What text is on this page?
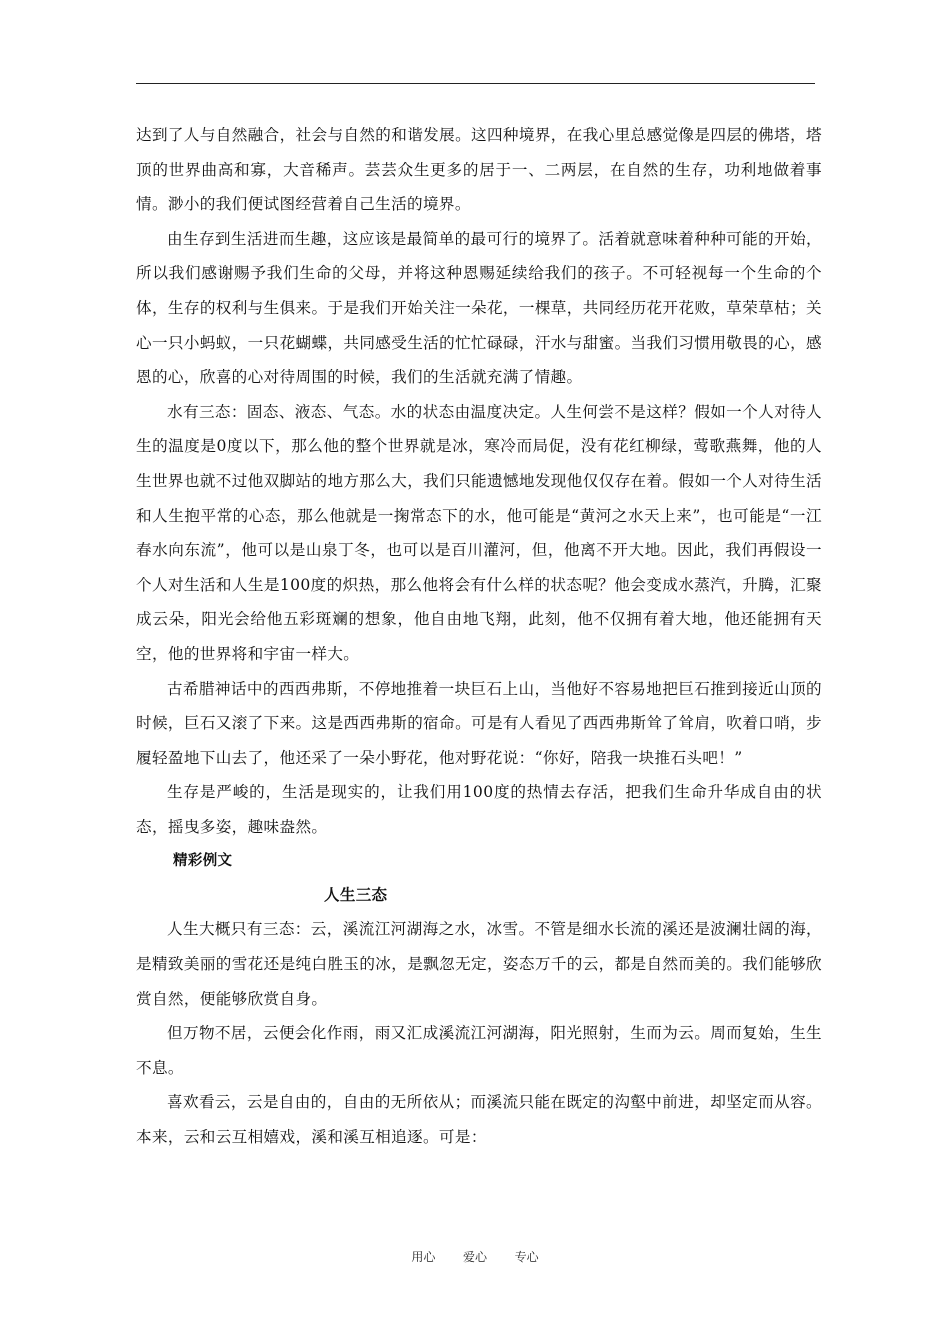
达到了人与自然融合，社会与自然的和谐发展。这四种境界，在我心里总感觉像是四层的佛塔，塔顶的世界曲高和寡，大音稀声。芸芸众生更多的居于一、二两层，在自然的生存，功利地做着事情。渺小的我们便试图经营着自己生活的境界。

由生存到生活进而生趣，这应该是最简单的最可行的境界了。活着就意味着种种可能的开始，所以我们感谢赐予我们生命的父母，并将这种恩赐延续给我们的孩子。不可轻视每一个生命的个体，生存的权利与生俱来。于是我们开始关注一朵花，一棵草，共同经历花开花败，草荣草枯；关心一只小蚂蚁，一只花蝴蝶，共同感受生活的忙忙碌碌，汗水与甜蜜。当我们习惯用敬畏的心，感恩的心，欣喜的心对待周围的时候，我们的生活就充满了情趣。

水有三态：固态、液态、气态。水的状态由温度决定。人生何尝不是这样？假如一个人对待人生的温度是0度以下，那么他的整个世界就是冰，寒冷而局促，没有花红柳绿，莺歌燕舞，他的人生世界也就不过他双脚站的地方那么大，我们只能遗憾地发现他仅仅存在着。假如一个人对待生活和人生抱平常的心态，那么他就是一掬常态下的水，他可能是“黄河之水天上来”，也可能是“一江春水向东流”，他可以是山泉丁冬，也可以是百川灌河，但，他离不开大地。因此，我们再假设一个人对生活和人生是100度的炽热，那么他将会有什么样的状态呢？他会变成水蒸汽，升腾，汇聚成云朵，阳光会给他五彩斑斓的想象，他自由地飞翔，此刻，他不仅拥有着大地，他还能拥有天空，他的世界将和宇宙一样大。

古希腊神话中的西西弗斯，不停地推着一块巨石上山，当他好不容易地把巨石推到接近山顶的时候，巨石又滚了下来。这是西西弗斯的宿命。可是有人看见了西西弗斯耸了耸肩，吹着口哨，步履轻盈地下山去了，他还采了一朵小野花，他对野花说：“你好，陪我一块推石头吧！”

生存是严峻的，生活是现实的，让我们用100度的热情去存活，把我们生命升华成自由的状态，摇曳多姿，趣味盎然。

精彩例文
人生三态

人生大概只有三态：云，溪流江河湖海之水，冰雪。不管是细水长流的溪还是波澜壮阔的海，是精致美丽的雪花还是纯白胜玉的冰，是飘忽无定，姿态万千的云，都是自然而美的。我们能够欣赏自然，便能够欣赏自身。

但万物不居，云便会化作雨，雨又汇成溪流江河湖海，阳光照射，生而为云。周而复始，生生不息。

喜欢看云，云是自由的，自由的无所依从；而溪流只能在既定的沟壑中前进，却坚定而从容。本来，云和云互相嬉戏，溪和溪互相追逐。可是：

用心  爱心  专心
